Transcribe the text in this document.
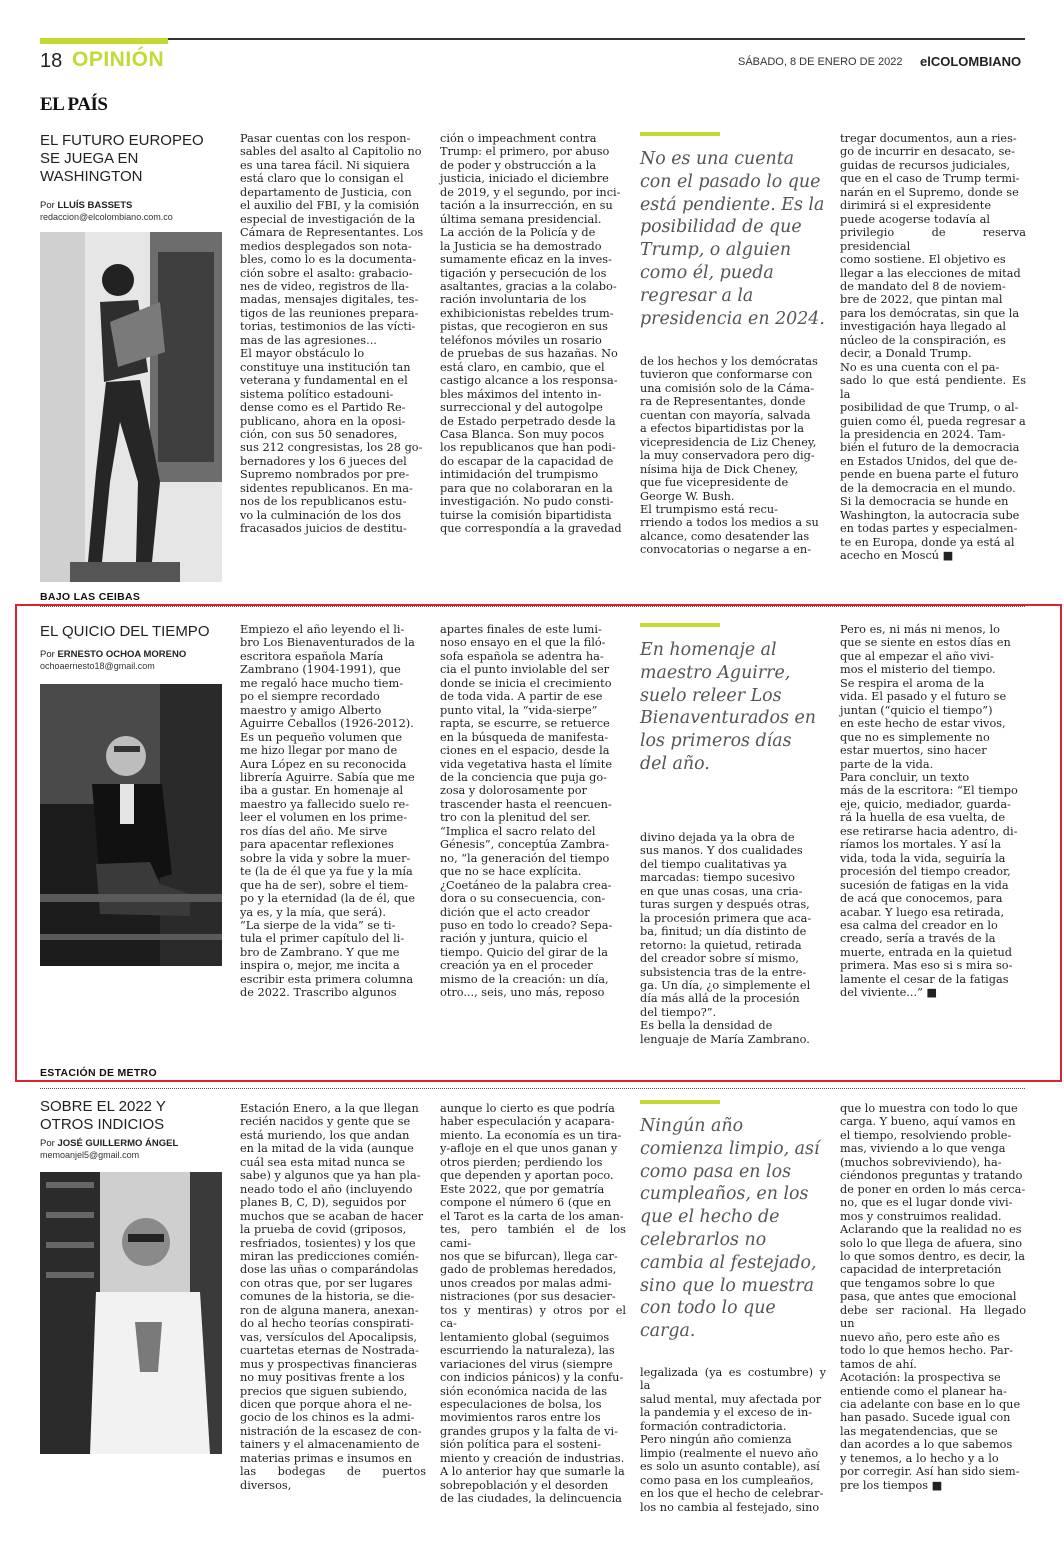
18 OPINIÓN	SÁBADO, 8 DE ENERO DE 2022 elCOLOMBIANO
EL PAÍS
EL FUTURO EUROPEO SE JUEGA EN WASHINGTON
Por LLUÍS BASSETS
redaccion@elcolombiano.com.co
Pasar cuentas con los respon-
sables del asalto al Capitolio no
es una tarea fácil. Ni siquiera
está claro que lo consigan el
departamento de Justicia, con
el auxilio del FBI, y la comisión
especial de investigación de la
Cámara de Representantes. Los
medios desplegados son nota-
bles, como lo es la documenta-
ción sobre el asalto: grabacio-
nes de video, registros de lla-
madas, mensajes digitales, tes-
tigos de las reuniones prepara-
torias, testimonios de las vícti-
mas de las agresiones...
El mayor obstáculo lo
constituye una institución tan
veterana y fundamental en el
sistema político estadouni-
dense como es el Partido Re-
publicano, ahora en la oposi-
ción, con sus 50 senadores,
sus 212 congresistas, los 28 go-
bernadores y los 6 jueces del
Supremo nombrados por pre-
sidentes republicanos. En ma-
nos de los republicanos estu-
vo la culminación de los dos
fracasados juicios de destitu-
ción o impeachment contra
Trump: el primero, por abuso
de poder y obstrucción a la
justicia, iniciado el diciembre
de 2019, y el segundo, por inci-
tación a la insurrección, en su
última semana presidencial.
La acción de la Policía y de
la Justicia se ha demostrado
sumamente eficaz en la inves-
tigación y persecución de los
asaltantes, gracias a la colabo-
ración involuntaria de los
exhibicionistas rebeldes trum-
pistas, que recogieron en sus
teléfonos móviles un rosario
de pruebas de sus hazañas. No
está claro, en cambio, que el
castigo alcance a los responsa-
bles máximos del intento in-
surreccional y del autogolpe
de Estado perpetrado desde la
Casa Blanca. Son muy pocos
los republicanos que han podi-
do escapar de la capacidad de
intimidación del trumpismo
para que no colaboraran en la
investigación. No pudo consti-
tuirse la comisión bipartidista
que correspondía a la gravedad
No es una cuenta
con el pasado lo que
está pendiente. Es la
posibilidad de que
Trump, o alguien
como él, pueda
regresar a la
presidencia en 2024.
de los hechos y los demócratas
tuvieron que conformarse con
una comisión solo de la Cáma-
ra de Representantes, donde
cuentan con mayoría, salvada
a efectos bipartidistas por la
vicepresidencia de Liz Cheney,
la muy conservadora pero dig-
nísima hija de Dick Cheney,
que fue vicepresidente de
George W. Bush.
El trumpismo está recu-
rriendo a todos los medios a su
alcance, como desatender las
convocatorias o negarse a en-
tregar documentos, aun a ries-
go de incurrir en desacato, se-
guidas de recursos judiciales,
que en el caso de Trump termi-
narán en el Supremo, donde se
dirimirá si el expresidente
puede acogerse todavía al
privilegio de reserva presidencial
como sostiene. El objetivo es
llegar a las elecciones de mitad
de mandato del 8 de noviem-
bre de 2022, que pintan mal
para los demócratas, sin que la
investigación haya llegado al
núcleo de la conspiración, es
decir, a Donald Trump.
No es una cuenta con el pa-
sado lo que está pendiente. Es la
posibilidad de que Trump, o al-
guien como él, pueda regresar a
la presidencia en 2024. Tam-
bién el futuro de la democracia
en Estados Unidos, del que de-
pende en buena parte el futuro
de la democracia en el mundo.
Si la democracia se hunde en
Washington, la autocracia sube
en todas partes y especialmen-
te en Europa, donde ya está al
acecho en Moscú ■
BAJO LAS CEIBAS
EL QUICIO DEL TIEMPO
Por ERNESTO OCHOA MORENO
ochoaernesto18@gmail.com
Empiezo el año leyendo el li-
bro Los Bienaventurados de la
escritora española María
Zambrano (1904-1991), que
me regaló hace mucho tiem-
po el siempre recordado
maestro y amigo Alberto
Aguirre Ceballos (1926-2012).
Es un pequeño volumen que
me hizo llegar por mano de
Aura López en su reconocida
librería Aguirre. Sabía que me
iba a gustar. En homenaje al
maestro ya fallecido suelo re-
leer el volumen en los prime-
ros días del año. Me sirve
para apacentar reflexiones
sobre la vida y sobre la muer-
te (la de él que ya fue y la mía
que ha de ser), sobre el tiem-
po y la eternidad (la de él, que
ya es, y la mía, que será).
“La sierpe de la vida” se ti-
tula el primer capítulo del li-
bro de Zambrano. Y que me
inspira o, mejor, me incita a
escribir esta primera columna
de 2022. Trascribo algunos
apartes finales de este lumi-
noso ensayo en el que la filó-
sofa española se adentra ha-
cia el punto inviolable del ser
donde se inicia el crecimiento
de toda vida. A partir de ese
punto vital, la “vida-sierpe”
rapta, se escurre, se retuerce
en la búsqueda de manifesta-
ciones en el espacio, desde la
vida vegetativa hasta el límite
de la conciencia que puja go-
zosa y dolorosamente por
trascender hasta el reencuen-
tro con la plenitud del ser.
“Implica el sacro relato del
Génesis”, conceptúa Zambra-
no, “la generación del tiempo
que no se hace explícita.
¿Coetáneo de la palabra crea-
dora o su consecuencia, con-
dición que el acto creador
puso en todo lo creado? Sepa-
ración y juntura, quicio el
tiempo. Quicio del girar de la
creación ya en el proceder
mismo de la creación: un día,
otro..., seis, uno más, reposo
En homenaje al
maestro Aguirre,
suelo releer Los
Bienaventurados en
los primeros días
del año.
divino dejada ya la obra de
sus manos. Y dos cualidades
del tiempo cualitativas ya
marcadas: tiempo sucesivo
en que unas cosas, una cria-
turas surgen y después otras,
la procesión primera que aca-
ba, finitud; un día distinto de
retorno: la quietud, retirada
del creador sobre sí mismo,
subsistencia tras de la entre-
ga. Un día, ¿o simplemente el
día más allá de la procesión
del tiempo?”.
Es bella la densidad de
lenguaje de María Zambrano.
Pero es, ni más ni menos, lo
que se siente en estos días en
que al empezar el año vivi-
mos el misterio del tiempo.
Se respira el aroma de la
vida. El pasado y el futuro se
juntan (“quicio el tiempo”)
en este hecho de estar vivos,
que no es simplemente no
estar muertos, sino hacer
parte de la vida.
Para concluir, un texto
más de la escritora: “El tiempo
eje, quicio, mediador, guarda-
rá la huella de esa vuelta, de
ese retirarse hacia adentro, di-
ríamos los mortales. Y así la
vida, toda la vida, seguiría la
procesión del tiempo creador,
sucesión de fatigas en la vida
de acá que conocemos, para
acabar. Y luego esa retirada,
esa calma del creador en lo
creado, sería a través de la
muerte, entrada en la quietud
primera. Mas eso si s mira so-
lamente el cesar de la fatigas
del viviente...” ■
ESTACIÓN DE METRO
SOBRE EL 2022 Y OTROS INDICIOS
Por JOSÉ GUILLERMO ÁNGEL
memoanjel5@gmail.com
Estación Enero, a la que llegan
recién nacidos y gente que se
está muriendo, los que andan
en la mitad de la vida (aunque
cuál sea esta mitad nunca se
sabe) y algunos que ya han pla-
neado todo el año (incluyendo
planes B, C, D), seguidos por
muchos que se acaban de hacer
la prueba de covid (griposos,
resfriados, tosientes) y los que
miran las predicciones comién-
dose las uñas o comparándolas
con otras que, por ser lugares
comunes de la historia, se die-
ron de alguna manera, anexan-
do al hecho teorías conspirati-
vas, versículos del Apocalipsis,
cuartetas eternas de Nostrada-
mus y prospectivas financieras
no muy positivas frente a los
precios que siguen subiendo,
dicen que porque ahora el ne-
gocio de los chinos es la admi-
nistración de la escasez de con-
tainers y el almacenamiento de
materias primas e insumos en
las bodegas de puertos diversos,
aunque lo cierto es que podría
haber especulación y acapara-
miento. La economía es un tira-
y-afloje en el que unos ganan y
otros pierden; perdiendo los
que dependen y aportan poco.
Este 2022, que por gematría
compone el número 6 (que en
el Tarot es la carta de los aman-
tes, pero también el de los cami-
nos que se bifurcan), llega car-
gado de problemas heredados,
unos creados por malas admi-
nistraciones (por sus desacier-
tos y mentiras) y otros por el ca-
lentamiento global (seguimos
escurriendo la naturaleza), las
variaciones del virus (siempre
con indicios pánicos) y la confu-
sión económica nacida de las
especulaciones de bolsa, los
movimientos raros entre los
grandes grupos y la falta de vi-
sión política para el sosteni-
miento y creación de industrias.
A lo anterior hay que sumarle la
sobrepoblación y el desorden
de las ciudades, la delincuencia
Ningún año
comienza limpio, así
como pasa en los
cumpleaños, en los
que el hecho de
celebrarlos no
cambia al festejado,
sino que lo muestra
con todo lo que
carga.
legalizada (ya es costumbre) y la
salud mental, muy afectada por
la pandemia y el exceso de in-
formación contradictoria.
Pero ningún año comienza
limpio (realmente el nuevo año
es solo un asunto contable), así
como pasa en los cumpleaños,
en los que el hecho de celebrar-
los no cambia al festejado, sino
que lo muestra con todo lo que
carga. Y bueno, aquí vamos en
el tiempo, resolviendo proble-
mas, viviendo a lo que venga
(muchos sobreviviendo), ha-
ciéndonos preguntas y tratando
de poner en orden lo más cerca-
no, que es el lugar donde vivi-
mos y construimos realidad.
Aclarando que la realidad no es
solo lo que llega de afuera, sino
lo que somos dentro, es decir, la
capacidad de interpretación
que tengamos sobre lo que
pasa, que antes que emocional
debe ser racional. Ha llegado un
nuevo año, pero este año es
todo lo que hemos hecho. Par-
tamos de ahí.
Acotación: la prospectiva se
entiende como el planear ha-
cia adelante con base en lo que
han pasado. Sucede igual con
las megatendencias, que se
dan acordes a lo que sabemos
y tenemos, a lo hecho y a lo
por corregir. Así han sido siem-
pre los tiempos ■
